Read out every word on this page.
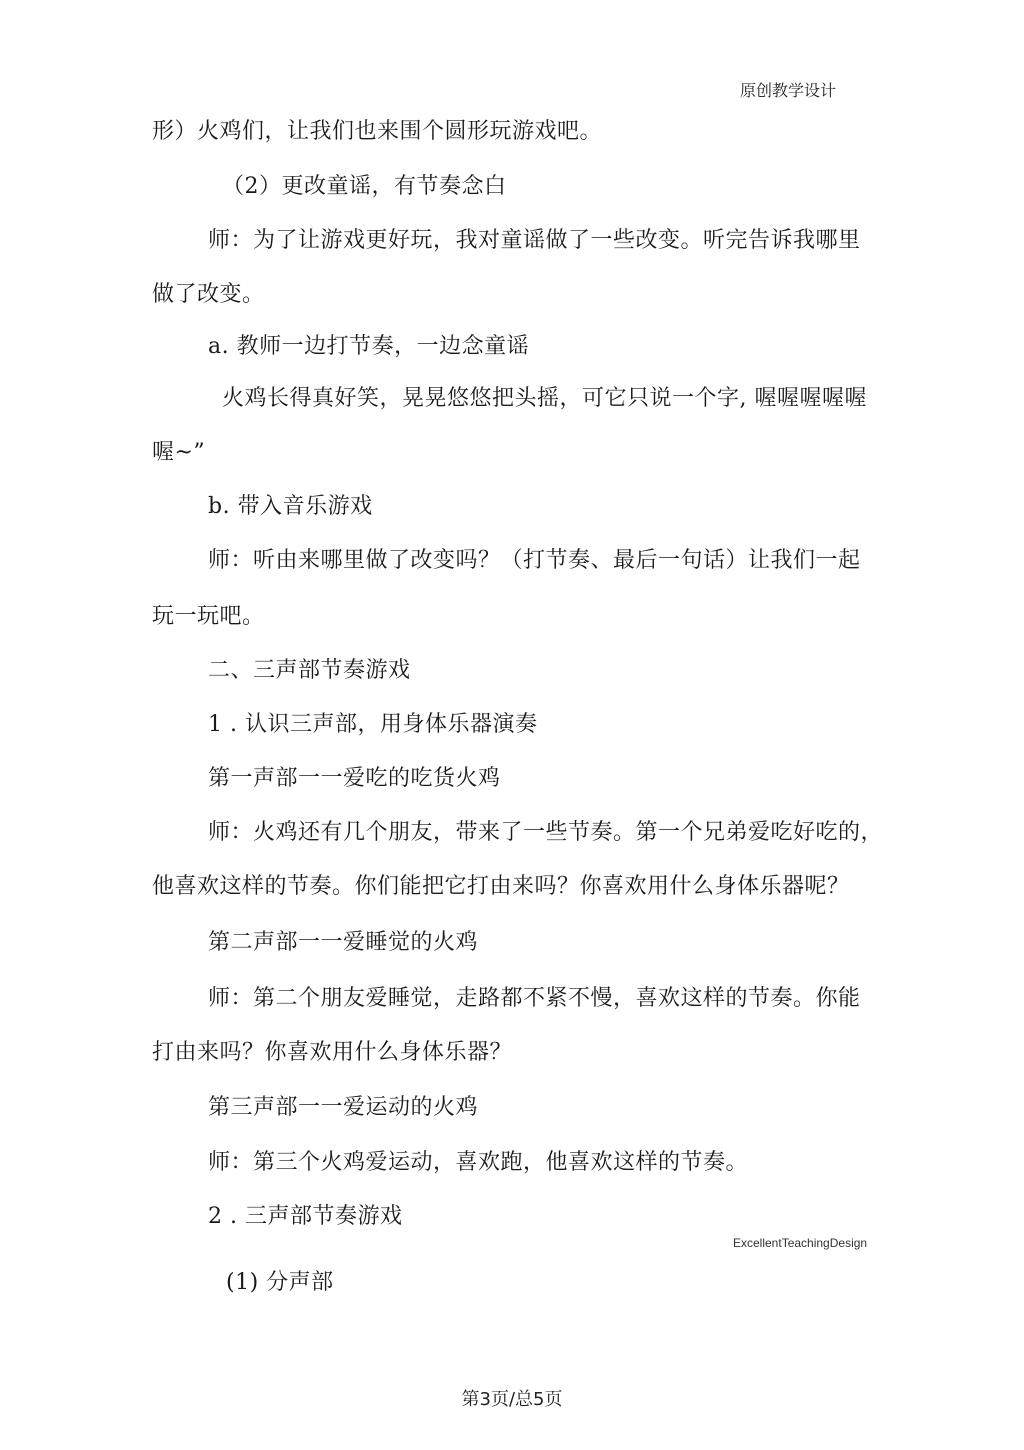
原创教学设计
形）火鸡们，让我们也来围个圆形玩游戏吧。
（2）更改童谣，有节奏念白
师：为了让游戏更好玩，我对童谣做了一些改变。听完告诉我哪里
做了改变。
a. 教师一边打节奏，一边念童谣
火鸡长得真好笑，晃晃悠悠把头摇，可它只说一个字, 喔喔喔喔喔
喔~”
b. 带入音乐游戏
师：听由来哪里做了改变吗？（打节奏、最后一句话）让我们一起
玩一玩吧。
二、三声部节奏游戏
1 . 认识三声部，用身体乐器演奏
第一声部一一爱吃的吃货火鸡
师：火鸡还有几个朋友，带来了一些节奏。第一个兄弟爱吃好吃的，
他喜欢这样的节奏。你们能把它打由来吗？你喜欢用什么身体乐器呢？
第二声部一一爱睡觉的火鸡
师：第二个朋友爱睡觉，走路都不紧不慢，喜欢这样的节奏。你能
打由来吗？你喜欢用什么身体乐器？
第三声部一一爱运动的火鸡
师：第三个火鸡爱运动，喜欢跑，他喜欢这样的节奏。
2 . 三声部节奏游戏
(1) 分声部
ExcellentTeachingDesign
第3页/总5页
